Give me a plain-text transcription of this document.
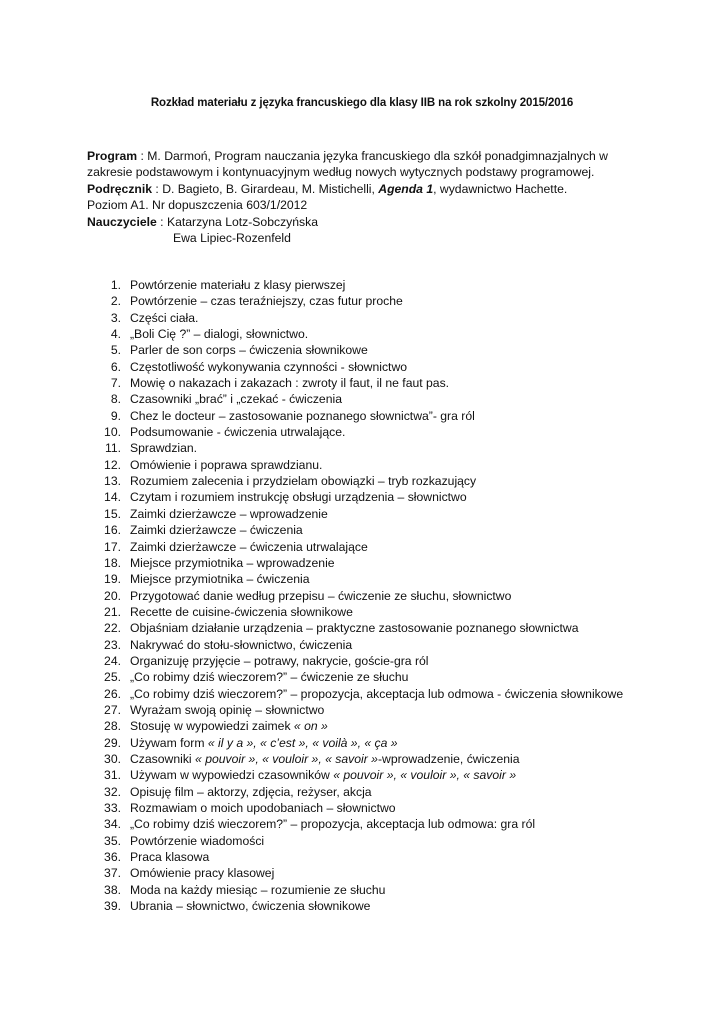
Rozkład materiału z języka francuskiego dla klasy IIB na rok szkolny 2015/2016
Program : M. Darmoń, Program nauczania języka francuskiego dla szkół ponadgimnazjalnych w
zakresie podstawowym i kontynuacyjnym według nowych wytycznych podstawy programowej.
Podręcznik : D. Bagieto, B. Girardeau, M. Mistichelli, Agenda 1, wydawnictwo Hachette.
Poziom A1. Nr dopuszczenia 603/1/2012
Nauczyciele : Katarzyna Lotz-Sobczyńska
Ewa Lipiec-Rozenfeld
1. Powtórzenie materiału z klasy pierwszej
2. Powtórzenie – czas teraźniejszy, czas futur proche
3. Części ciała.
4. „Boli Cię ?” – dialogi, słownictwo.
5. Parler de son corps – ćwiczenia słownikowe
6. Częstotliwość wykonywania czynności - słownictwo
7. Mowię o nakazach i zakazach : zwroty il faut, il ne faut pas.
8. Czasowniki „brać” i „czekać - ćwiczenia
9. Chez le docteur – zastosowanie poznanego słownictwa”- gra ról
10. Podsumowanie - ćwiczenia utrwalające.
11. Sprawdzian.
12. Omówienie i poprawa sprawdzianu.
13. Rozumiem zalecenia i przydzielam obowiązki – tryb rozkazujący
14. Czytam i rozumiem instrukcję obsługi urządzenia – słownictwo
15. Zaimki dzierżawcze – wprowadzenie
16. Zaimki dzierżawcze – ćwiczenia
17. Zaimki dzierżawcze – ćwiczenia utrwalające
18. Miejsce przymiotnika – wprowadzenie
19. Miejsce przymiotnika – ćwiczenia
20. Przygotować danie według przepisu – ćwiczenie ze słuchu, słownictwo
21. Recette de cuisine-ćwiczenia słownikowe
22. Objaśniam działanie urządzenia – praktyczne zastosowanie poznanego słownictwa
23. Nakrywać do stołu-słownictwo, ćwiczenia
24. Organizuję przyjęcie – potrawy, nakrycie, goście-gra ról
25. „Co robimy dziś wieczorem?” – ćwiczenie ze słuchu
26. „Co robimy dziś wieczorem?” – propozycja, akceptacja lub odmowa - ćwiczenia słownikowe
27. Wyrażam swoją opinię – słownictwo
28. Stosuję w wypowiedzi zaimek « on »
29. Używam form « il y a », « c’est », « voilà », « ça »
30. Czasowniki « pouvoir », « vouloir », « savoir »-wprowadzenie, ćwiczenia
31. Używam w wypowiedzi czasowników « pouvoir », « vouloir », « savoir »
32. Opisuję film – aktorzy, zdjęcia, reżyser, akcja
33. Rozmawiam o moich upodobaniach – słownictwo
34. „Co robimy dziś wieczorem?” – propozycja, akceptacja lub odmowa: gra ról
35. Powtórzenie wiadomości
36. Praca klasowa
37. Omówienie pracy klasowej
38. Moda na każdy miesiąc – rozumienie ze słuchu
39. Ubrania – słownictwo, ćwiczenia słownikowe
